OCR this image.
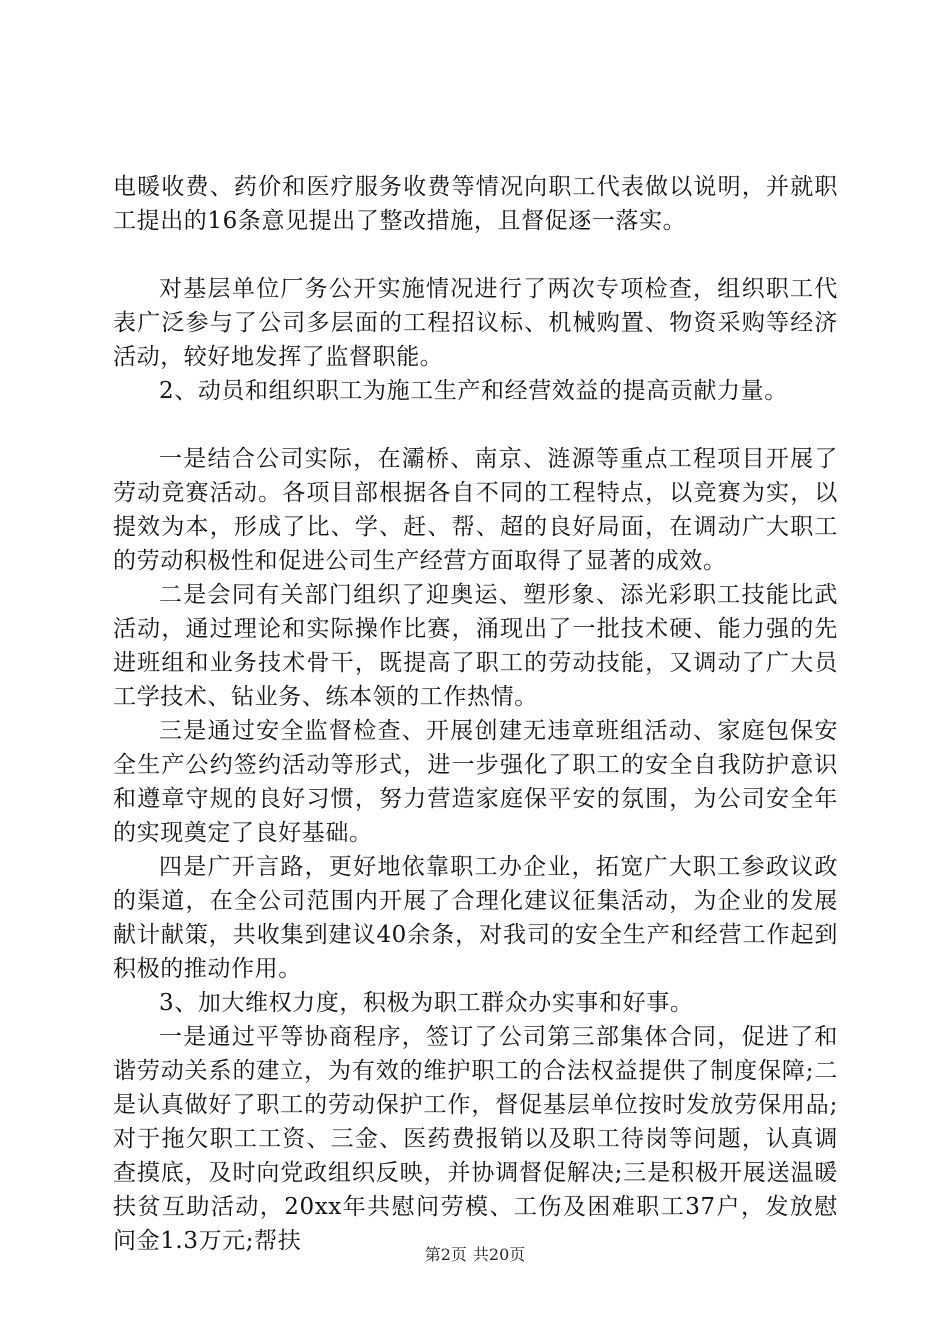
电暖收费、药价和医疗服务收费等情况向职工代表做以说明，并就职工提出的16条意见提出了整改措施，且督促逐一落实。

对基层单位厂务公开实施情况进行了两次专项检查，组织职工代表广泛参与了公司多层面的工程招议标、机械购置、物资采购等经济活动，较好地发挥了监督职能。

2、动员和组织职工为施工生产和经营效益的提高贡献力量。

一是结合公司实际，在灞桥、南京、涟源等重点工程项目开展了劳动竞赛活动。各项目部根据各自不同的工程特点，以竞赛为实，以提效为本，形成了比、学、赶、帮、超的良好局面，在调动广大职工的劳动积极性和促进公司生产经营方面取得了显著的成效。

二是会同有关部门组织了迎奥运、塑形象、添光彩职工技能比武活动，通过理论和实际操作比赛，涌现出了一批技术硬、能力强的先进班组和业务技术骨干，既提高了职工的劳动技能，又调动了广大员工学技术、钻业务、练本领的工作热情。

三是通过安全监督检查、开展创建无违章班组活动、家庭包保安全生产公约签约活动等形式，进一步强化了职工的安全自我防护意识和遵章守规的良好习惯，努力营造家庭保平安的氛围，为公司安全年的实现奠定了良好基础。

四是广开言路，更好地依靠职工办企业，拓宽广大职工参政议政的渠道，在全公司范围内开展了合理化建议征集活动，为企业的发展献计献策，共收集到建议40余条，对我司的安全生产和经营工作起到积极的推动作用。

3、加大维权力度，积极为职工群众办实事和好事。

一是通过平等协商程序，签订了公司第三部集体合同，促进了和谐劳动关系的建立，为有效的维护职工的合法权益提供了制度保障;二是认真做好了职工的劳动保护工作，督促基层单位按时发放劳保用品;对于拖欠职工工资、三金、医药费报销以及职工待岗等问题，认真调查摸底，及时向党政组织反映，并协调督促解决;三是积极开展送温暖扶贫互助活动，20xx年共慰问劳模、工伤及困难职工37户，发放慰问金1.3万元;帮扶

第2页 共20页
